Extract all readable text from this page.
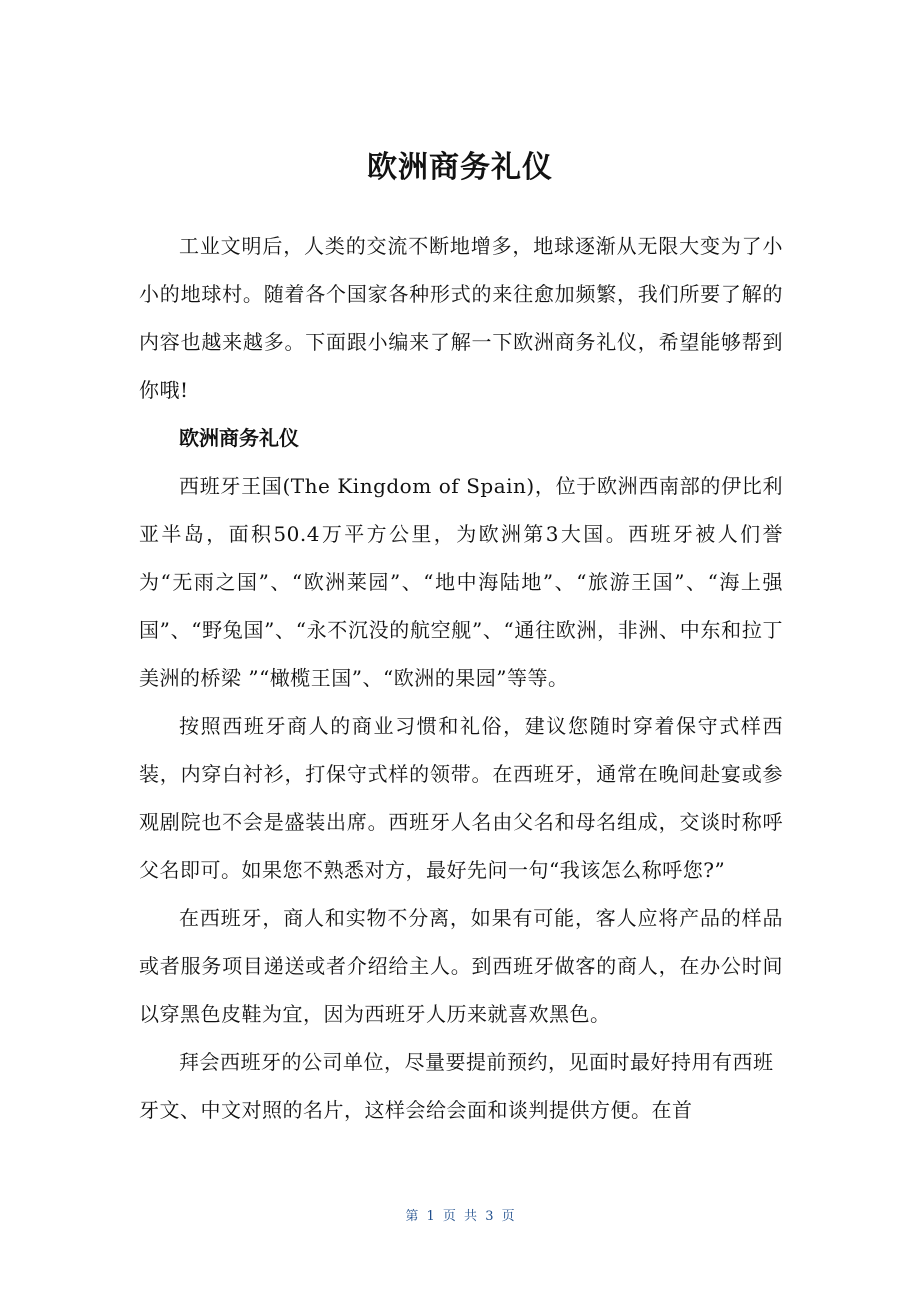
欧洲商务礼仪

工业文明后，人类的交流不断地增多，地球逐渐从无限大变为了小小的地球村。随着各个国家各种形式的来往愈加频繁，我们所要了解的内容也越来越多。下面跟小编来了解一下欧洲商务礼仪，希望能够帮到你哦!

欧洲商务礼仪

西班牙王国(The Kingdom of Spain)，位于欧洲西南部的伊比利亚半岛，面积50.4万平方公里，为欧洲第3大国。西班牙被人们誉为“无雨之国”、“欧洲莱园”、“地中海陆地”、“旅游王国”、“海上强国”、“野兔国”、“永不沉没的航空舰”、“通往欧洲，非洲、中东和拉丁美洲的桥梁 ”“橄榄王国”、“欧洲的果园”等等。

按照西班牙商人的商业习惯和礼俗，建议您随时穿着保守式样西装，内穿白衬衫，打保守式样的领带。在西班牙，通常在晚间赴宴或参观剧院也不会是盛装出席。西班牙人名由父名和母名组成，交谈时称呼父名即可。如果您不熟悉对方，最好先问一句“我该怎么称呼您?”

在西班牙，商人和实物不分离，如果有可能，客人应将产品的样品或者服务项目递送或者介绍给主人。到西班牙做客的商人，在办公时间以穿黑色皮鞋为宜，因为西班牙人历来就喜欢黑色。

拜会西班牙的公司单位，尽量要提前预约，见面时最好持用有西班牙文、中文对照的名片，这样会给会面和谈判提供方便。在首

第 1 页 共 3 页
